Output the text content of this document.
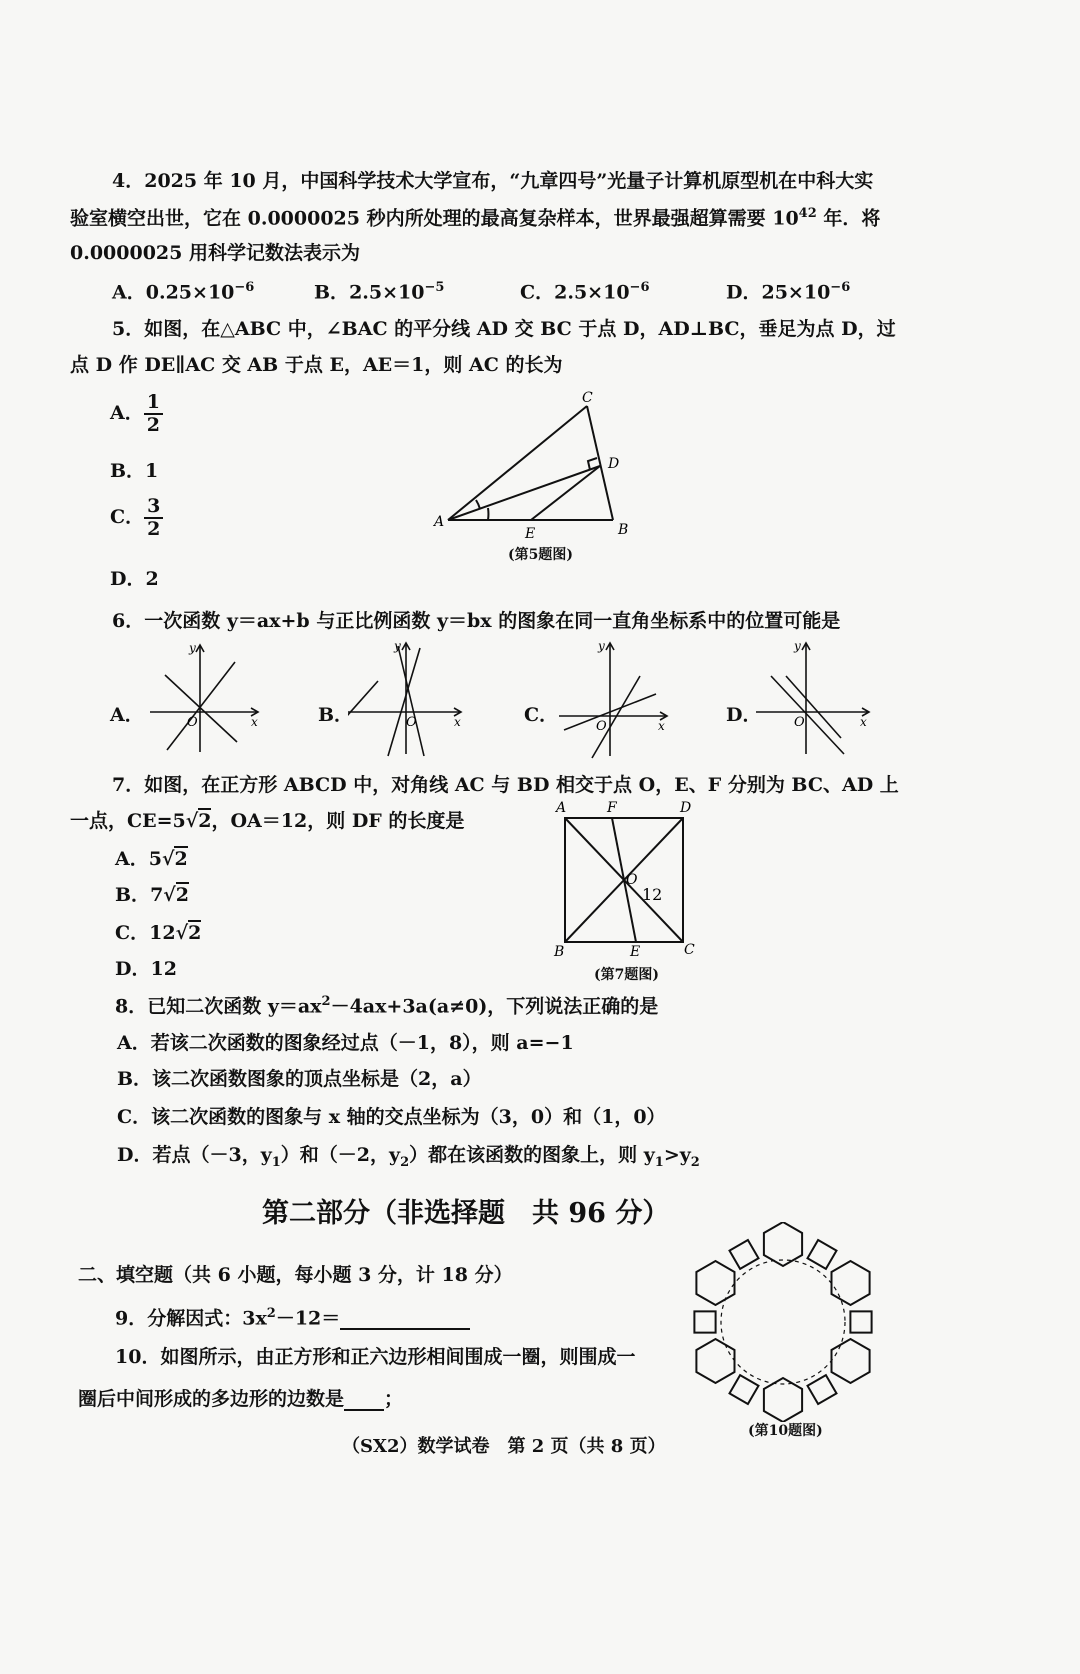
4．2025 年 10 月，中国科学技术大学宣布，“九章四号”光量子计算机原型机在中科大实
验室横空出世，它在 0.0000025 秒内所处理的最高复杂样本，世界最强超算需要 $10^{42}$ 年．将
0.0000025 用科学记数法表示为
A．$0.25\times 10^{-6}$	B．$2.5\times 10^{-5}$	C．$2.5\times 10^{-6}$	D．$25\times 10^{-6}$
5．如图，在△ABC 中，∠BAC 的平分线 AD 交 BC 于点 D，AD⊥BC，垂足为点 D，过
点 D 作 DE∥AC 交 AB 于点 E，AE＝1，则 AC 的长为
A． $\frac{1}{2}$
B．1
C． $\frac{3}{2}$
D．2
A	B
C
D
E
(第5题图)
6．一次函数 y＝ax+b 与正比例函数 y＝bx 的图象在同一直角坐标系中的位置可能是
A．	B．	C．	D．
y
x
O
y
x
O
y
x
O
y
x
O
7．如图，在正方形 ABCD 中，对角线 AC 与 BD 相交于点 O，E、F 分别为 BC、AD 上
一点，CE=5√2，OA＝12，则 DF 的长度是
A．5√2
B．7√2
C．12√2
D．12
A	F	D
O
12
B	E	C
(第7题图)
8．已知二次函数 $y=ax^2-4ax+3a(a\ne 0)$，下列说法正确的是
A．若该二次函数的图象经过点（－1，8），则 a=−1
B．该二次函数图象的顶点坐标是（2，a）
C．该二次函数的图象与 x 轴的交点坐标为（3，0）和（1，0）
D．若点（－3，$y_1$）和（－2，$y_2$）都在该函数的图象上，则 $y_1>y_2$
第二部分（非选择题　共 96 分）
二、填空题（共 6 小题，每小题 3 分，计 18 分）
9．分解因式：$3x^2-12=$
10．如图所示，由正方形和正六边形相间围成一圈，则围成一
圈后中间形成的多边形的边数是 ；
(第10题图)
（SX2）数学试卷　第 2 页（共 8 页）
